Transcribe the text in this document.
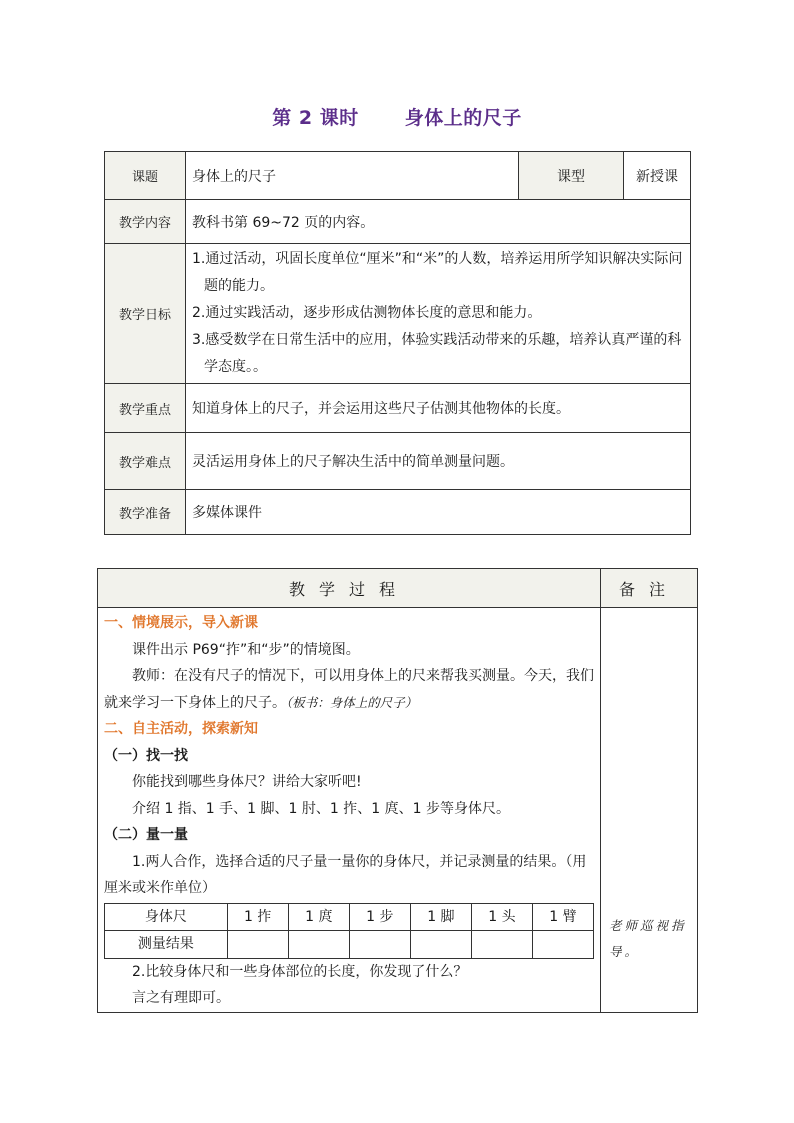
第 2 课时 身体上的尺子
课题	身体上的尺子	课型	新授课
教学内容	教科书第 69~72 页的内容。		
教学日标	1.通过活动，巩固长度单位“厘米”和“米”的人数，培养运用所学知识解决实际问题的能力。
2.通过实践活动，逐步形成估测物体长度的意思和能力。
3.感受数学在日常生活中的应用，体验实践活动带来的乐趣，培养认真严谨的科学态度。。		

教学重点	知道身体上的尺子，并会运用这些尺子估测其他物体的长度。		
教学难点	灵活运用身体上的尺子解决生活中的简单测量问题。		
教学准备	多媒体课件		
教学过程	备注

一、情境展示，导入新课
课件出示 P69“拃”和“步”的情境图。
教师：在没有尺子的情况下，可以用身体上的尺来帮我买测量。今天，我们就来学习一下身体上的尺子。（板书：身体上的尺子）
二、自主活动，探索新知
（一）找一找
你能找到哪些身体尺？讲给大家听吧!
介绍 1 指、1 手、1 脚、1 肘、1 拃、1 庹、1 步等身体尺。
（二）量一量
1.两人合作，选择合适的尺子量一量你的身体尺，并记录测量的结果。（用厘米或米作单位）
身体尺	1 拃	1 庹	1 步	1 脚	1 头	1 臂
测量结果						
2.比较身体尺和一些身体部位的长度，你发现了什么？
言之有理即可。

老师巡视指导。
